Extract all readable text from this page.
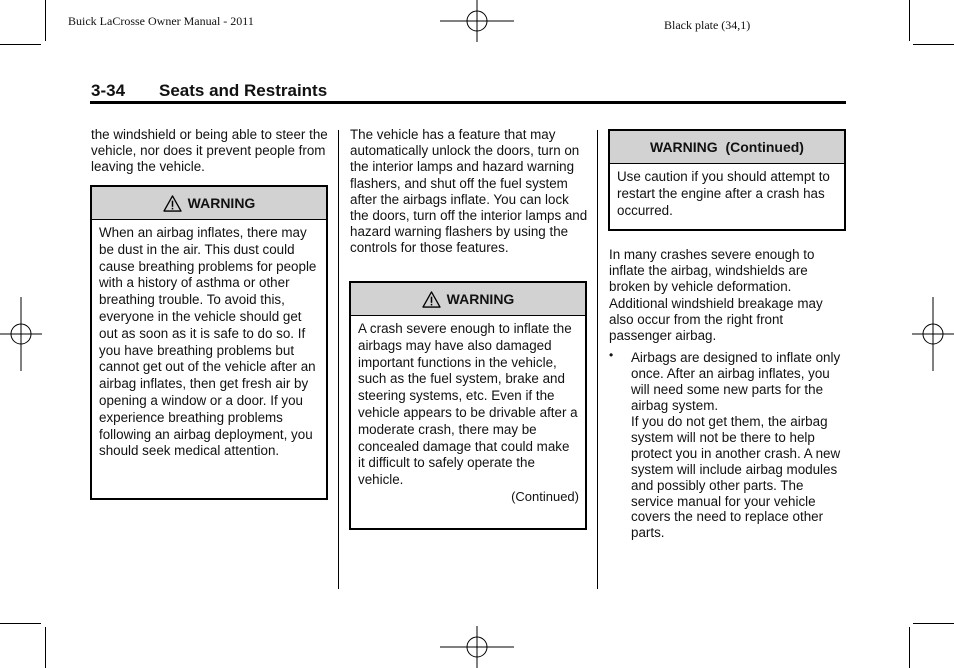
Buick LaCrosse Owner Manual - 2011	Black plate (34,1)
3-34 Seats and Restraints
the windshield or being able to steer the vehicle, nor does it prevent people from leaving the vehicle.
WARNING
When an airbag inflates, there may be dust in the air. This dust could cause breathing problems for people with a history of asthma or other breathing trouble. To avoid this, everyone in the vehicle should get out as soon as it is safe to do so. If you have breathing problems but cannot get out of the vehicle after an airbag inflates, then get fresh air by opening a window or a door. If you experience breathing problems following an airbag deployment, you should seek medical attention.
The vehicle has a feature that may automatically unlock the doors, turn on the interior lamps and hazard warning flashers, and shut off the fuel system after the airbags inflate. You can lock the doors, turn off the interior lamps and hazard warning flashers by using the controls for those features.
WARNING
A crash severe enough to inflate the airbags may have also damaged important functions in the vehicle, such as the fuel system, brake and steering systems, etc. Even if the vehicle appears to be drivable after a moderate crash, there may be concealed damage that could make it difficult to safely operate the vehicle.
(Continued)
WARNING  (Continued)
Use caution if you should attempt to restart the engine after a crash has occurred.
In many crashes severe enough to inflate the airbag, windshields are broken by vehicle deformation. Additional windshield breakage may also occur from the right front passenger airbag.
• Airbags are designed to inflate only once. After an airbag inflates, you will need some new parts for the airbag system.
If you do not get them, the airbag system will not be there to help protect you in another crash. A new system will include airbag modules and possibly other parts. The service manual for your vehicle covers the need to replace other parts.
